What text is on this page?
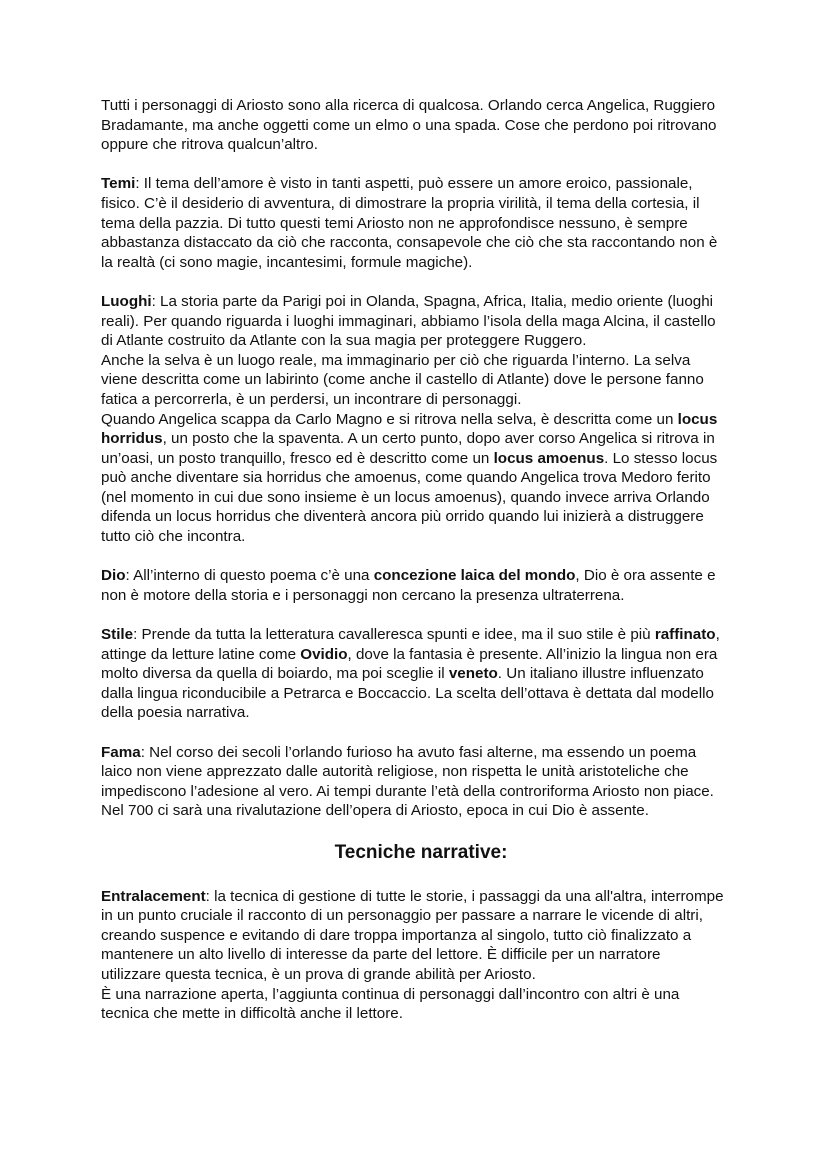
Tutti i personaggi di Ariosto sono alla ricerca di qualcosa. Orlando cerca Angelica, Ruggiero
Bradamante, ma anche oggetti come un elmo o una spada. Cose che perdono poi ritrovano
oppure che ritrova qualcun’altro.

Temi: Il tema dell’amore è visto in tanti aspetti, può essere un amore eroico, passionale,
fisico. C’è il desiderio di avventura, di dimostrare la propria virilità, il tema della cortesia, il
tema della pazzia. Di tutto questi temi Ariosto non ne approfondisce nessuno, è sempre
abbastanza distaccato da ciò che racconta, consapevole che ciò che sta raccontando non è
la realtà (ci sono magie, incantesimi, formule magiche).

Luoghi: La storia parte da Parigi poi in Olanda, Spagna, Africa, Italia, medio oriente (luoghi
reali). Per quando riguarda i luoghi immaginari, abbiamo l’isola della maga Alcina, il castello
di Atlante costruito da Atlante con la sua magia per proteggere Ruggero.
Anche la selva è un luogo reale, ma immaginario per ciò che riguarda l’interno. La selva
viene descritta come un labirinto (come anche il castello di Atlante) dove le persone fanno
fatica a percorrerla, è un perdersi, un incontrare di personaggi.
Quando Angelica scappa da Carlo Magno e si ritrova nella selva, è descritta come un locus
horridus, un posto che la spaventa. A un certo punto, dopo aver corso Angelica si ritrova in
un’oasi, un posto tranquillo, fresco ed è descritto come un locus amoenus. Lo stesso locus
può anche diventare sia horridus che amoenus, come quando Angelica trova Medoro ferito
(nel momento in cui due sono insieme è un locus amoenus), quando invece arriva Orlando
difenda un locus horridus che diventerà ancora più orrido quando lui inizierà a distruggere
tutto ciò che incontra.

Dio: All’interno di questo poema c’è una concezione laica del mondo, Dio è ora assente e
non è motore della storia e i personaggi non cercano la presenza ultraterrena.

Stile: Prende da tutta la letteratura cavalleresca spunti e idee, ma il suo stile è più raffinato,
attinge da letture latine come Ovidio, dove la fantasia è presente. All’inizio la lingua non era
molto diversa da quella di boiardo, ma poi sceglie il veneto. Un italiano illustre influenzato
dalla lingua riconducibile a Petrarca e Boccaccio. La scelta dell’ottava è dettata dal modello
della poesia narrativa.

Fama: Nel corso dei secoli l’orlando furioso ha avuto fasi alterne, ma essendo un poema
laico non viene apprezzato dalle autorità religiose, non rispetta le unità aristoteliche che
impediscono l’adesione al vero. Ai tempi durante l’età della controriforma Ariosto non piace.
Nel 700 ci sarà una rivalutazione dell’opera di Ariosto, epoca in cui Dio è assente.

Tecniche narrative:

Entralacement: la tecnica di gestione di tutte le storie, i passaggi da una all'altra, interrompe
in un punto cruciale il racconto di un personaggio per passare a narrare le vicende di altri,
creando suspence e evitando di dare troppa importanza al singolo, tutto ciò finalizzato a
mantenere un alto livello di interesse da parte del lettore. È difficile per un narratore
utilizzare questa tecnica, è un prova di grande abilità per Ariosto.
È una narrazione aperta, l’aggiunta continua di personaggi dall’incontro con altri è una
tecnica che mette in difficoltà anche il lettore.
